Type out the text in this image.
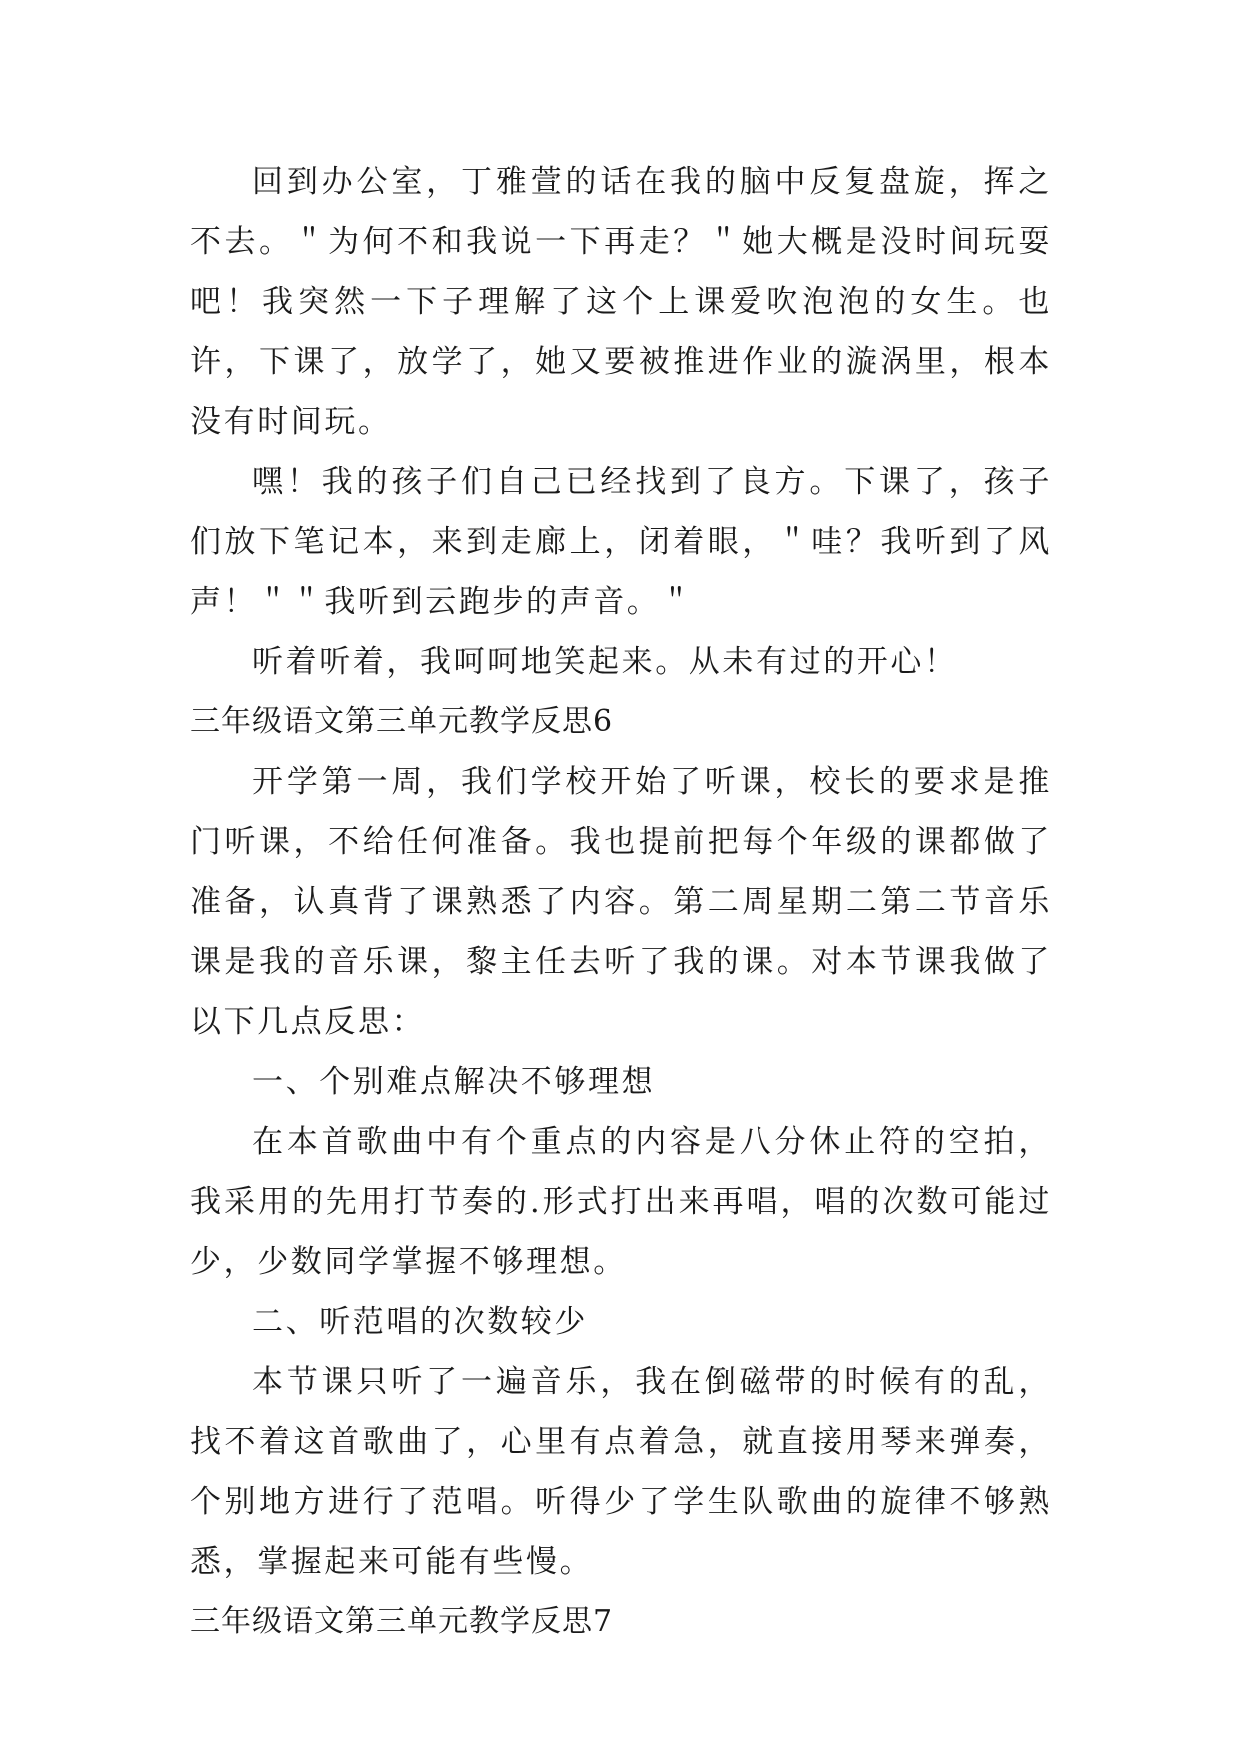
回到办公室，丁雅萱的话在我的脑中反复盘旋，挥之不去。＂为何不和我说一下再走？＂她大概是没时间玩耍吧！我突然一下子理解了这个上课爱吹泡泡的女生。也许，下课了，放学了，她又要被推进作业的漩涡里，根本没有时间玩。

嘿！我的孩子们自己已经找到了良方。下课了，孩子们放下笔记本，来到走廊上，闭着眼，＂哇？我听到了风声！＂＂我听到云跑步的声音。＂

听着听着，我呵呵地笑起来。从未有过的开心！

三年级语文第三单元教学反思6

开学第一周，我们学校开始了听课，校长的要求是推门听课，不给任何准备。我也提前把每个年级的课都做了准备，认真背了课熟悉了内容。第二周星期二第二节音乐课是我的音乐课，黎主任去听了我的课。对本节课我做了以下几点反思：

一、个别难点解决不够理想

在本首歌曲中有个重点的内容是八分休止符的空拍，我采用的先用打节奏的.形式打出来再唱，唱的次数可能过少，少数同学掌握不够理想。

二、听范唱的次数较少

本节课只听了一遍音乐，我在倒磁带的时候有的乱，找不着这首歌曲了，心里有点着急，就直接用琴来弹奏，个别地方进行了范唱。听得少了学生队歌曲的旋律不够熟悉，掌握起来可能有些慢。

三年级语文第三单元教学反思7
